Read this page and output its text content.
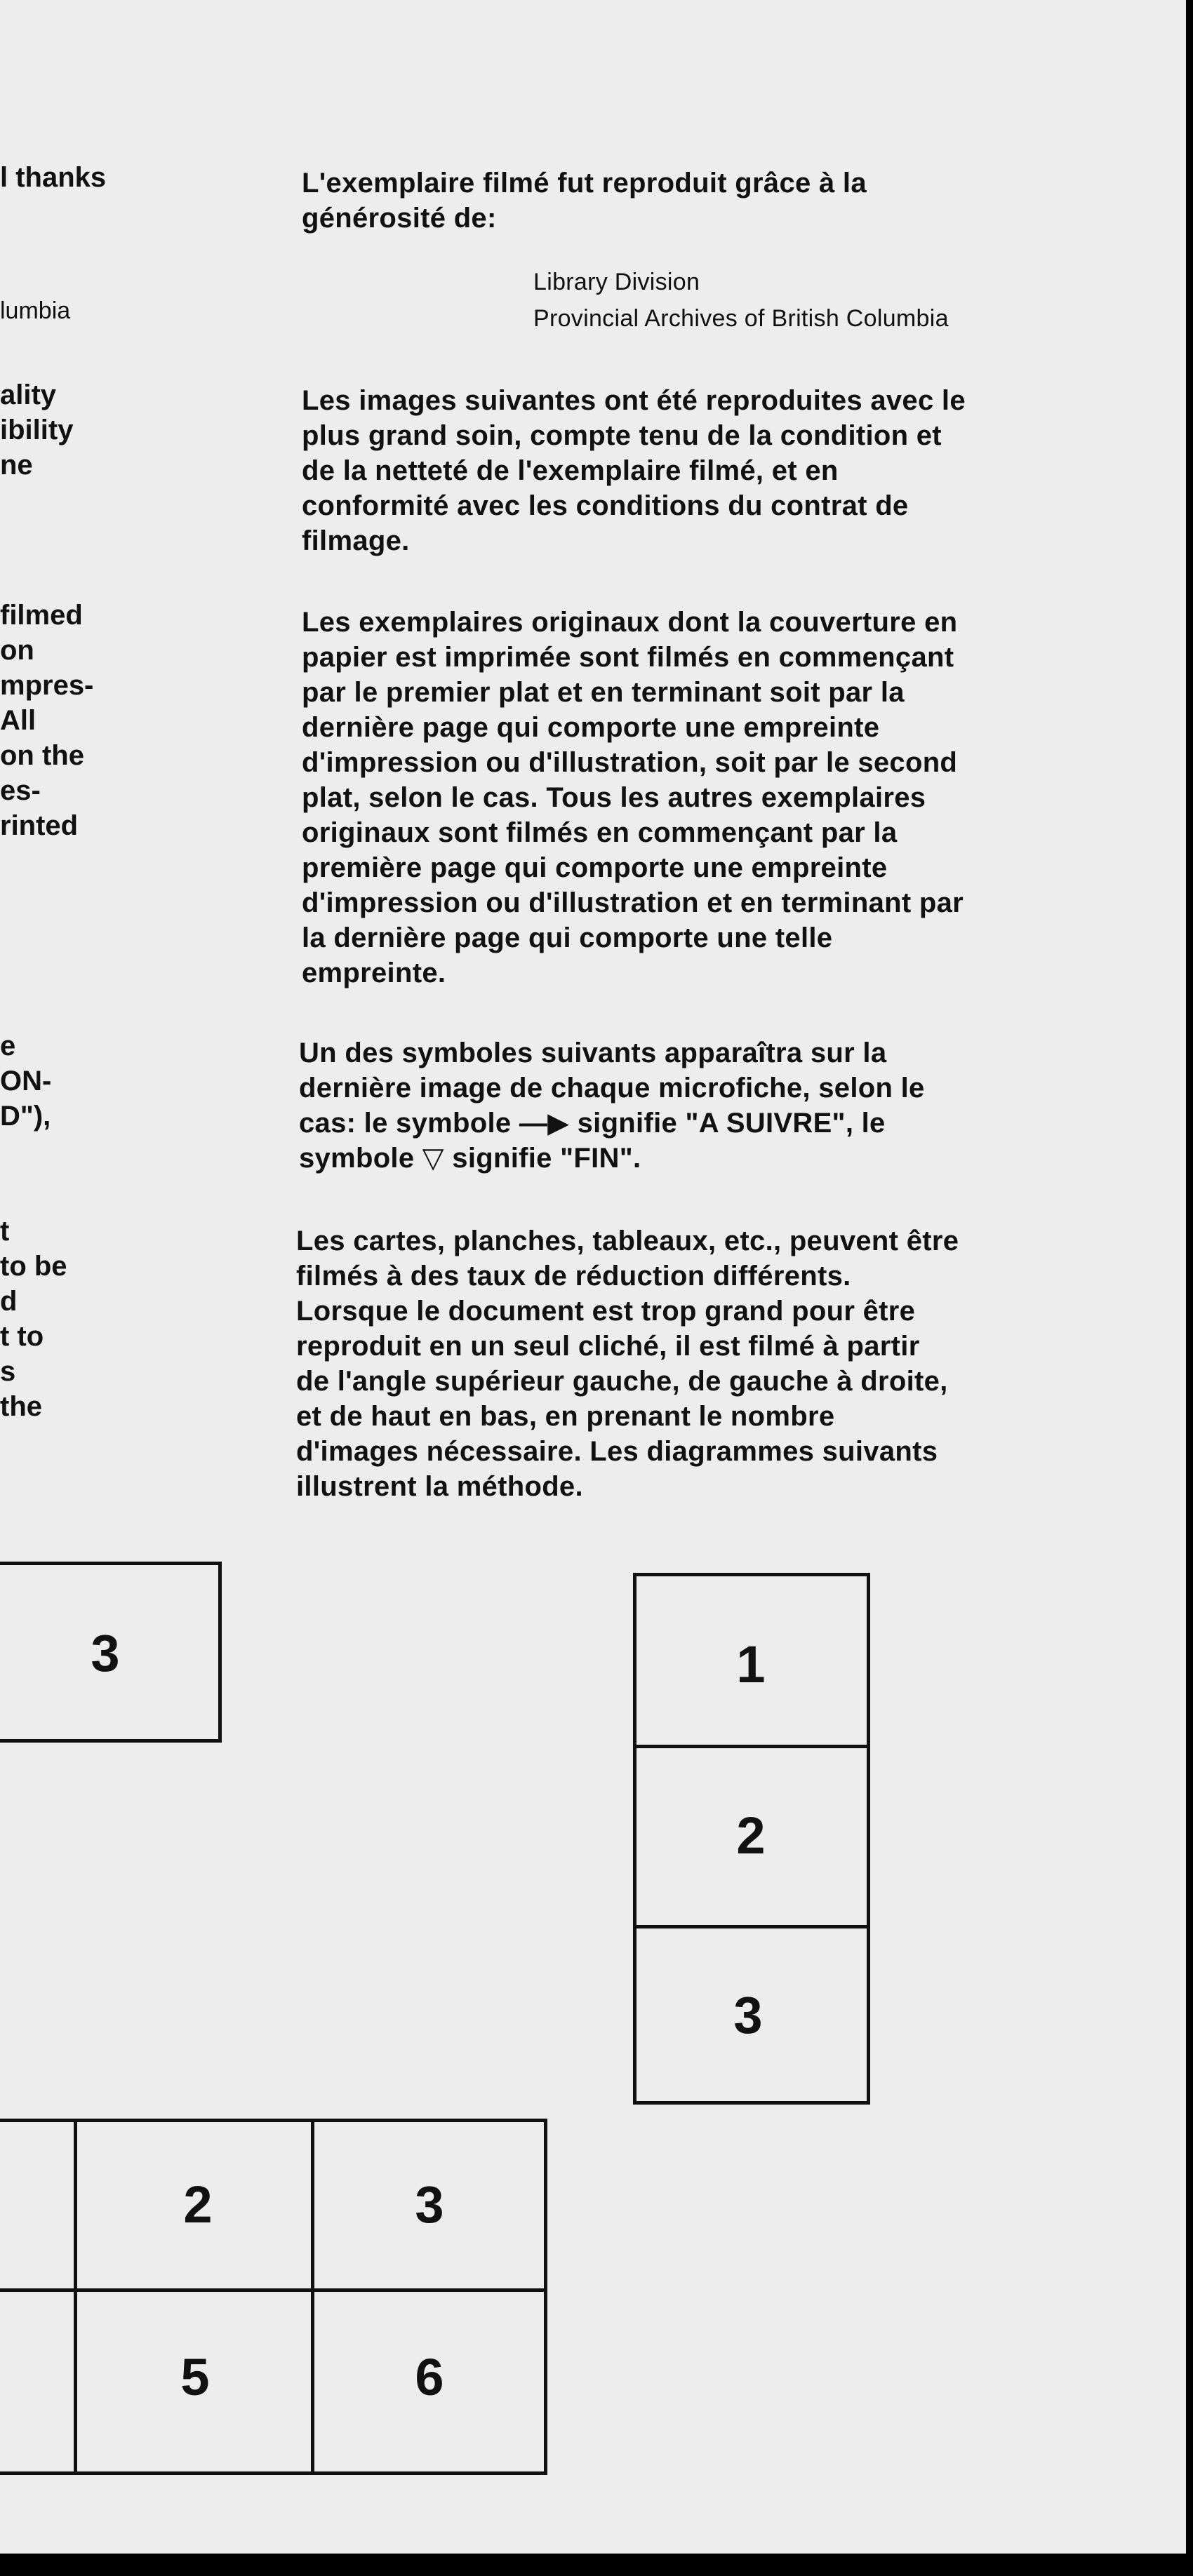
l thanks
lumbia
ality
ibility
ne
filmed
on
mpres-
All
on the
es-
rinted
e
ON-
D"),
t
to be
d
t to
s
the
L'exemplaire filmé fut reproduit grâce à la
générosité de:
Library Division
Provincial Archives of British Columbia
Les images suivantes ont été reproduites avec le
plus grand soin, compte tenu de la condition et
de la netteté de l'exemplaire filmé, et en
conformité avec les conditions du contrat de
filmage.
Les exemplaires originaux dont la couverture en
papier est imprimée sont filmés en commençant
par le premier plat et en terminant soit par la
dernière page qui comporte une empreinte
d'impression ou d'illustration, soit par le second
plat, selon le cas. Tous les autres exemplaires
originaux sont filmés en commençant par la
première page qui comporte une empreinte
d'impression ou d'illustration et en terminant par
la dernière page qui comporte une telle
empreinte.
Un des symboles suivants apparaîtra sur la
dernière image de chaque microfiche, selon le
cas: le symbole —▶ signifie "A SUIVRE", le
symbole ▽ signifie "FIN".
Les cartes, planches, tableaux, etc., peuvent être
filmés à des taux de réduction différents.
Lorsque le document est trop grand pour être
reproduit en un seul cliché, il est filmé à partir
de l'angle supérieur gauche, de gauche à droite,
et de haut en bas, en prenant le nombre
d'images nécessaire. Les diagrammes suivants
illustrent la méthode.
3	1
2
3
2	3
5	6
